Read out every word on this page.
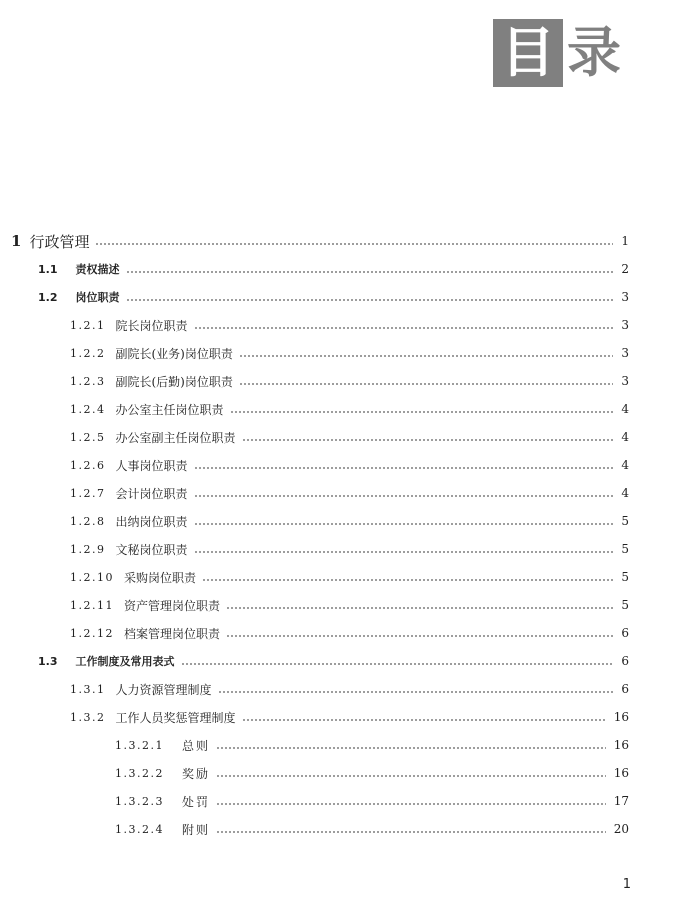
目 录
1 行政管理	1
1.1 责权描述	2
1.2 岗位职责	3
1.2.1 院长岗位职责	3
1.2.2 副院长(业务)岗位职责	3
1.2.3 副院长(后勤)岗位职责	3
1.2.4 办公室主任岗位职责	4
1.2.5 办公室副主任岗位职责	4
1.2.6 人事岗位职责	4
1.2.7 会计岗位职责	4
1.2.8 出纳岗位职责	5
1.2.9 文秘岗位职责	5
1.2.10 采购岗位职责	5
1.2.11 资产管理岗位职责	5
1.2.12 档案管理岗位职责	6
1.3 工作制度及常用表式	6
1.3.1 人力资源管理制度	6
1.3.2 工作人员奖惩管理制度	16
1.3.2.1 总则	16
1.3.2.2 奖励	16
1.3.2.3 处罚	17
1.3.2.4 附则	20
1
